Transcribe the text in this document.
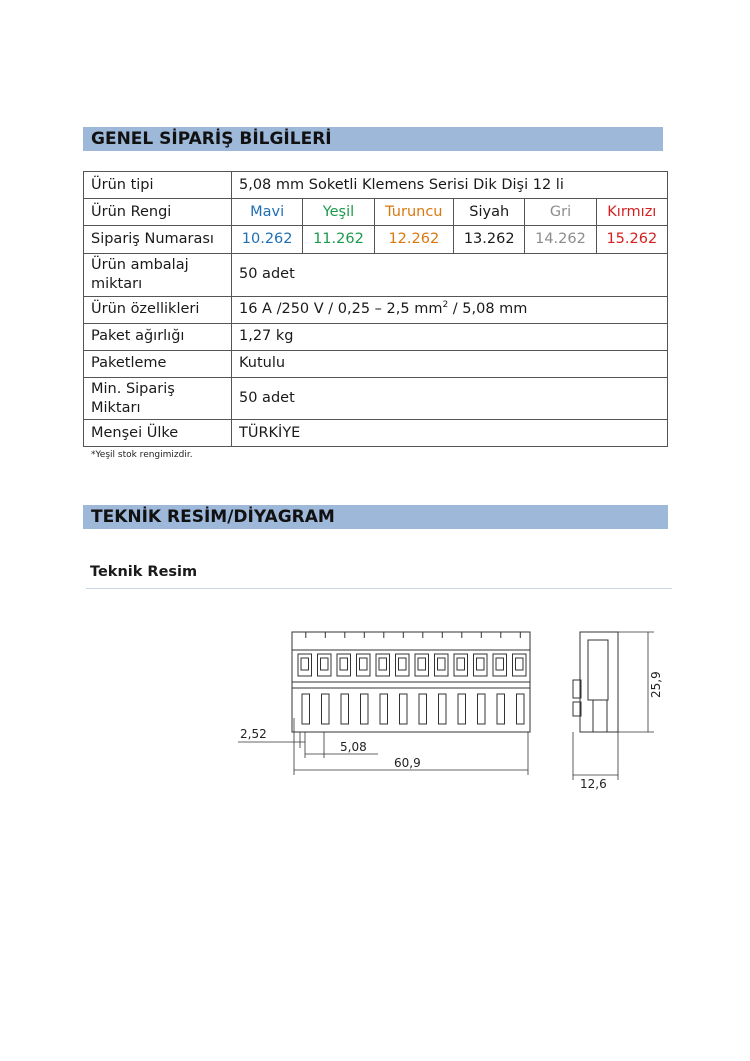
GENEL SİPARİŞ BİLGİLERİ
Ürün tipi	5,08 mm Soketli Klemens Serisi Dik Dişi 12 li					
Ürün Rengi	Mavi	Yeşil	Turuncu	Siyah	Gri	Kırmızı
Sipariş Numarası	10.262	11.262	12.262	13.262	14.262	15.262
Ürün ambalaj
miktarı	50 adet					
Ürün özellikleri	16 A /250 V / 0,25 – 2,5 $mm^2 / 5,08$ mm					
Paket ağırlığı	1,27 kg					
Paketleme	Kutulu					
Min. Sipariş
Miktarı	50 adet					
Menşei Ülke	TÜRKİYE					
*Yeşil stok rengimizdir.
TEKNİK RESİM/DİYAGRAM
Teknik Resim
2,52
5,08
60,9
12,6
25,9
